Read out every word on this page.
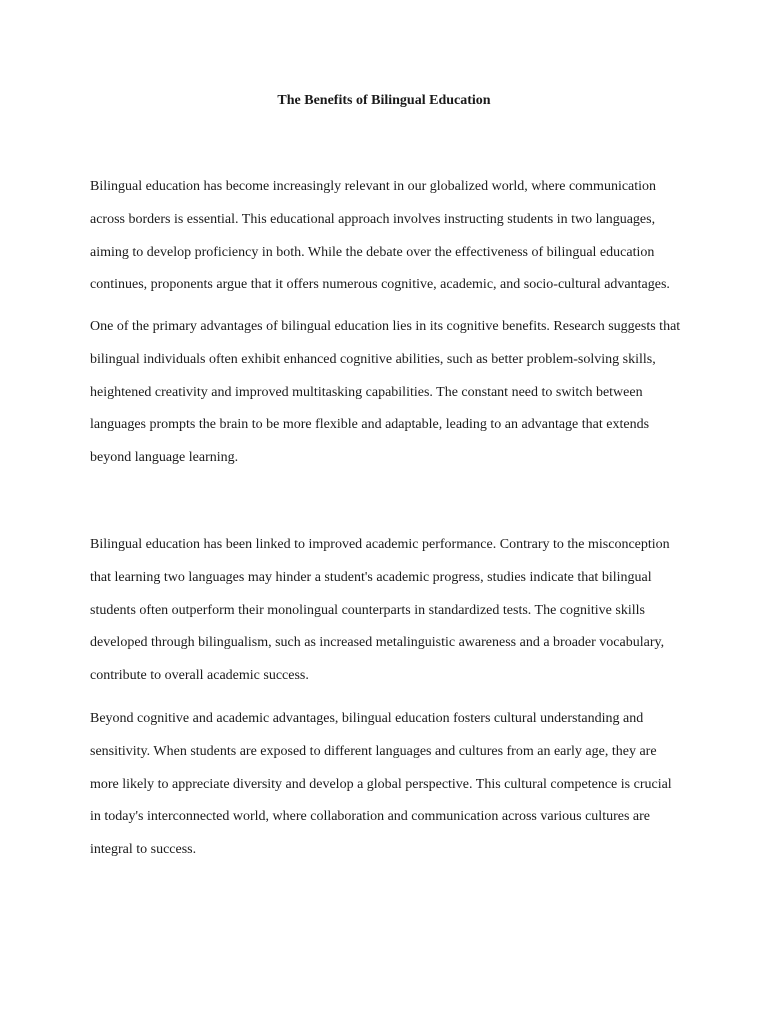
The Benefits of Bilingual Education

Bilingual education has become increasingly relevant in our globalized world, where communication
across borders is essential. This educational approach involves instructing students in two languages,
aiming to develop proficiency in both. While the debate over the effectiveness of bilingual education
continues, proponents argue that it offers numerous cognitive, academic, and socio-cultural advantages.

One of the primary advantages of bilingual education lies in its cognitive benefits. Research suggests that
bilingual individuals often exhibit enhanced cognitive abilities, such as better problem-solving skills,
heightened creativity and improved multitasking capabilities. The constant need to switch between
languages prompts the brain to be more flexible and adaptable, leading to an advantage that extends
beyond language learning.

Bilingual education has been linked to improved academic performance. Contrary to the misconception
that learning two languages may hinder a student's academic progress, studies indicate that bilingual
students often outperform their monolingual counterparts in standardized tests. The cognitive skills
developed through bilingualism, such as increased metalinguistic awareness and a broader vocabulary,
contribute to overall academic success.

Beyond cognitive and academic advantages, bilingual education fosters cultural understanding and
sensitivity. When students are exposed to different languages and cultures from an early age, they are
more likely to appreciate diversity and develop a global perspective. This cultural competence is crucial
in today's interconnected world, where collaboration and communication across various cultures are
integral to success.
